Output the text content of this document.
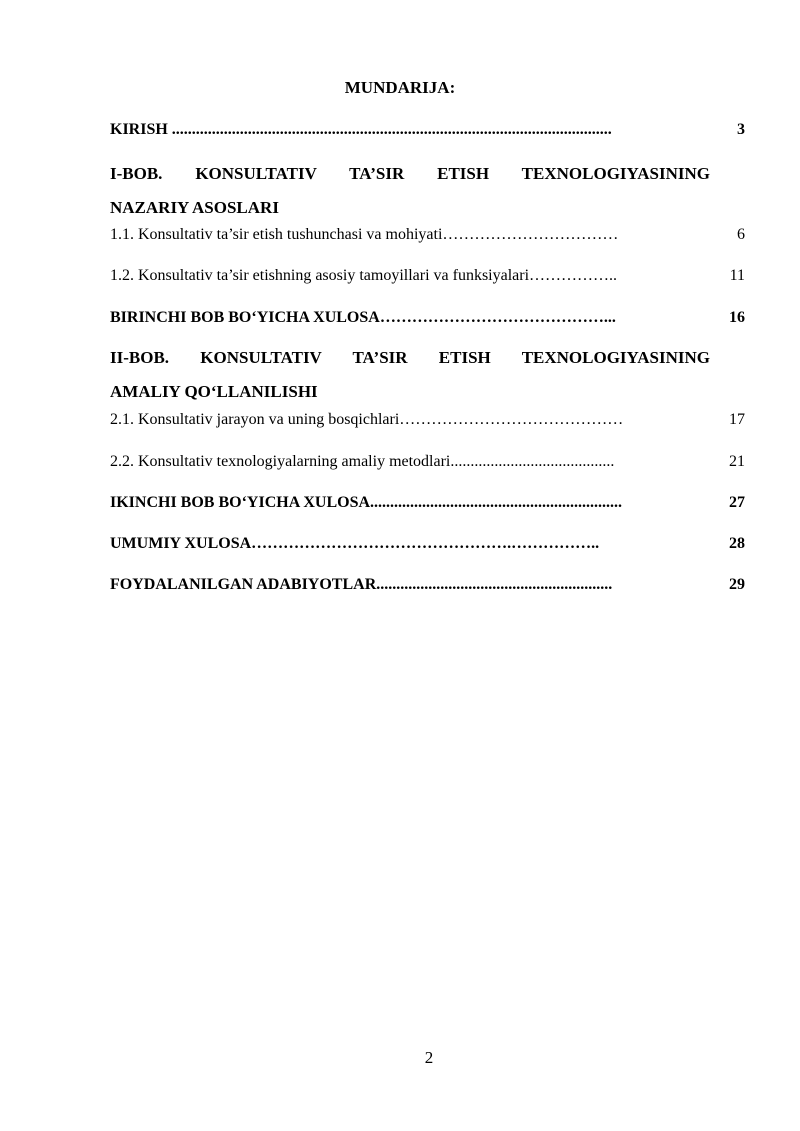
MUNDARIJA:
KIRISH ..............................................................................................................	3
I-BOB. KONSULTATIV TA’SIR ETISH TEXNOLOGIYASINING
NAZARIY ASOSLARI
1.1. Konsultativ ta’sir etish tushunchasi va mohiyati……………………………	6
1.2. Konsultativ ta’sir etishning asosiy tamoyillari va funksiyalari……………..	11
BIRINCHI BOB BO‘YICHA XULOSA……………………………………...	16
II-BOB. KONSULTATIV TA’SIR ETISH TEXNOLOGIYASINING
AMALIY QO‘LLANILISHI
2.1. Konsultativ jarayon va uning bosqichlari……………………………………	17
2.2. Konsultativ texnologiyalarning amaliy metodlari.........................................	21
IKINCHI BOB BO‘YICHA XULOSA...............................................................	27
UMUMIY XULOSA………………………………………….……………..	28
FOYDALANILGAN ADABIYOTLAR...........................................................	29
2
